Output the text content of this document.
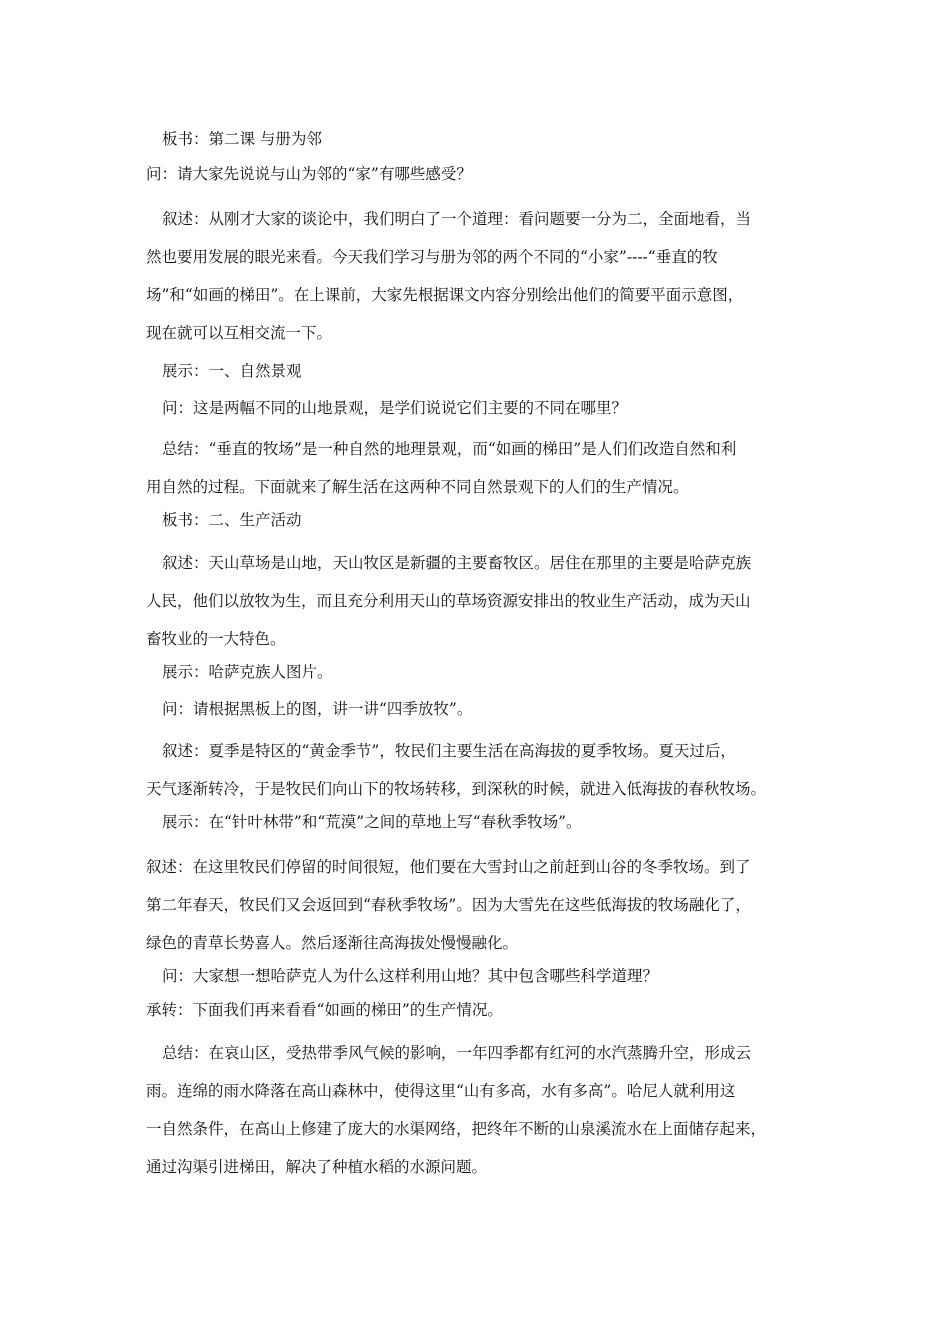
板书：第二课 与册为邻
问：请大家先说说与山为邻的“家”有哪些感受？
叙述：从刚才大家的谈论中，我们明白了一个道理：看问题要一分为二，全面地看，当
然也要用发展的眼光来看。今天我们学习与册为邻的两个不同的“小家”----“垂直的牧
场”和“如画的梯田”。在上课前，大家先根据课文内容分别绘出他们的简要平面示意图，
现在就可以互相交流一下。
展示：一、自然景观
问：这是两幅不同的山地景观，是学们说说它们主要的不同在哪里？
总结：“垂直的牧场”是一种自然的地理景观，而“如画的梯田”是人们们改造自然和利
用自然的过程。下面就来了解生活在这两种不同自然景观下的人们的生产情况。
板书：二、生产活动
叙述：天山草场是山地，天山牧区是新疆的主要畜牧区。居住在那里的主要是哈萨克族
人民，他们以放牧为生，而且充分利用天山的草场资源安排出的牧业生产活动，成为天山
畜牧业的一大特色。
展示：哈萨克族人图片。
问：请根据黑板上的图，讲一讲“四季放牧”。
叙述：夏季是特区的“黄金季节”，牧民们主要生活在高海拔的夏季牧场。夏天过后，
天气逐渐转冷，于是牧民们向山下的牧场转移，到深秋的时候，就进入低海拔的春秋牧场。
展示：在“针叶林带”和“荒漠”之间的草地上写“春秋季牧场”。
叙述：在这里牧民们停留的时间很短，他们要在大雪封山之前赶到山谷的冬季牧场。到了
第二年春天，牧民们又会返回到“春秋季牧场”。因为大雪先在这些低海拔的牧场融化了，
绿色的青草长势喜人。然后逐渐往高海拔处慢慢融化。
问：大家想一想哈萨克人为什么这样利用山地？其中包含哪些科学道理？
承转：下面我们再来看看“如画的梯田”的生产情况。
总结：在哀山区，受热带季风气候的影响，一年四季都有红河的水汽蒸腾升空，形成云
雨。连绵的雨水降落在高山森林中，使得这里“山有多高，水有多高”。哈尼人就利用这
一自然条件，在高山上修建了庞大的水渠网络，把终年不断的山泉溪流水在上面储存起来，
通过沟渠引进梯田，解决了种植水稻的水源问题。
